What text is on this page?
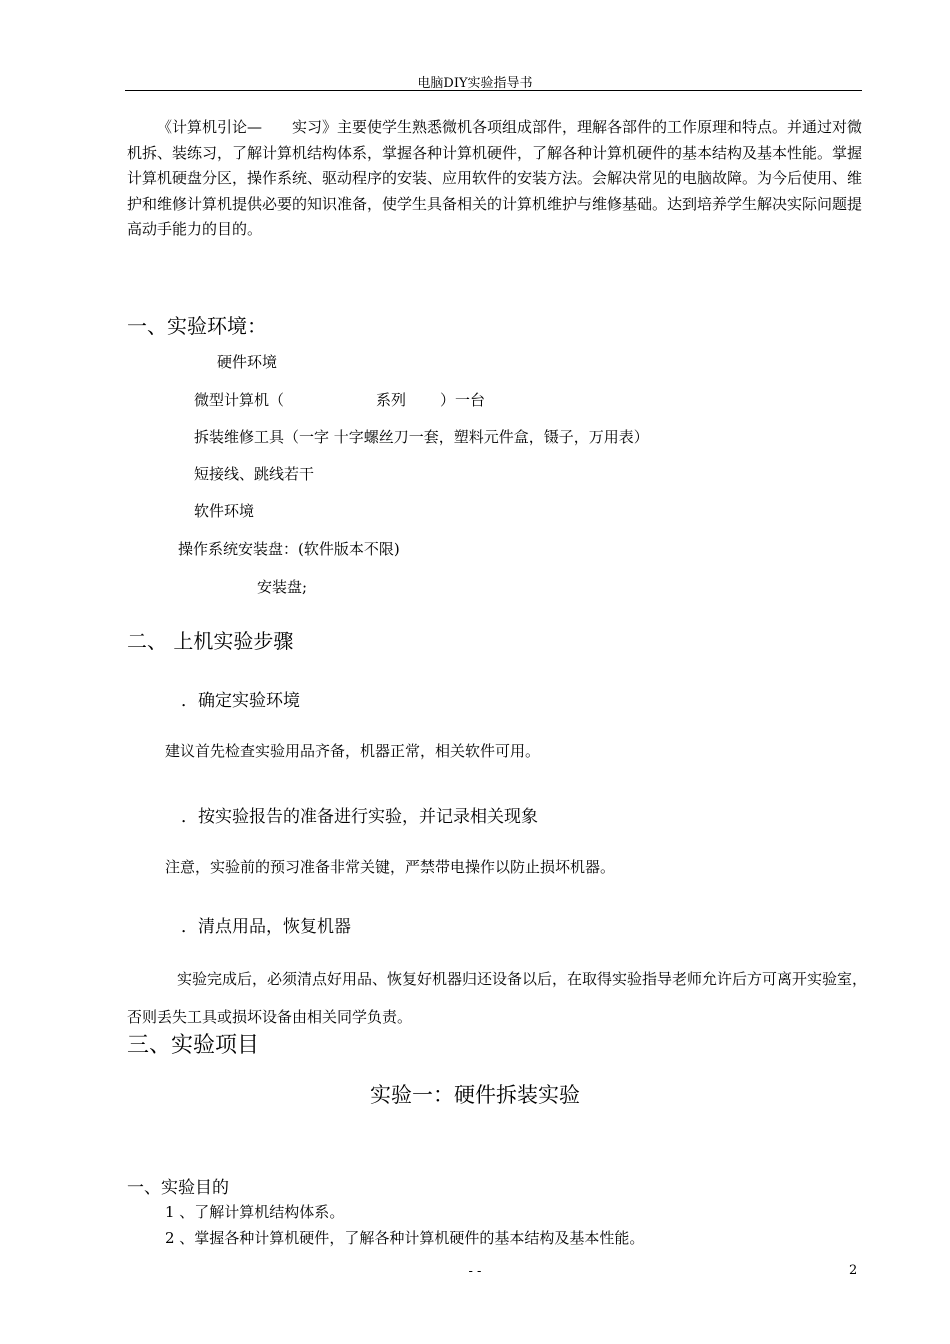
电脑DIY实验指导书

《计算机引论—　　实习》主要使学生熟悉微机各项组成部件，理解各部件的工作原理和特点。并通过对微机拆、装练习，了解计算机结构体系，掌握各种计算机硬件，了解各种计算机硬件的基本结构及基本性能。掌握计算机硬盘分区，操作系统、驱动程序的安装、应用软件的安装方法。会解决常见的电脑故障。为今后使用、维护和维修计算机提供必要的知识准备，使学生具备相关的计算机维护与维修基础。达到培养学生解决实际问题提高动手能力的目的。

一、实验环境：
硬件环境
微型计算机（	系列 ）一台
拆装维修工具（一字 十字螺丝刀一套，塑料元件盒，镊子，万用表）
短接线、跳线若干
软件环境
操作系统安装盘：(软件版本不限)
安装盘;
二、 上机实验步骤
．确定实验环境
建议首先检查实验用品齐备，机器正常，相关软件可用。
．按实验报告的准备进行实验，并记录相关现象
注意，实验前的预习准备非常关键，严禁带电操作以防止损坏机器。
．清点用品，恢复机器

实验完成后，必须清点好用品、恢复好机器归还设备以后，在取得实验指导老师允许后方可离开实验室，否则丢失工具或损坏设备由相关同学负责。

三、实验项目
实验一：硬件拆装实验
一、实验目的
1 、了解计算机结构体系。
2 、掌握各种计算机硬件，了解各种计算机硬件的基本结构及基本性能。
- -	2
